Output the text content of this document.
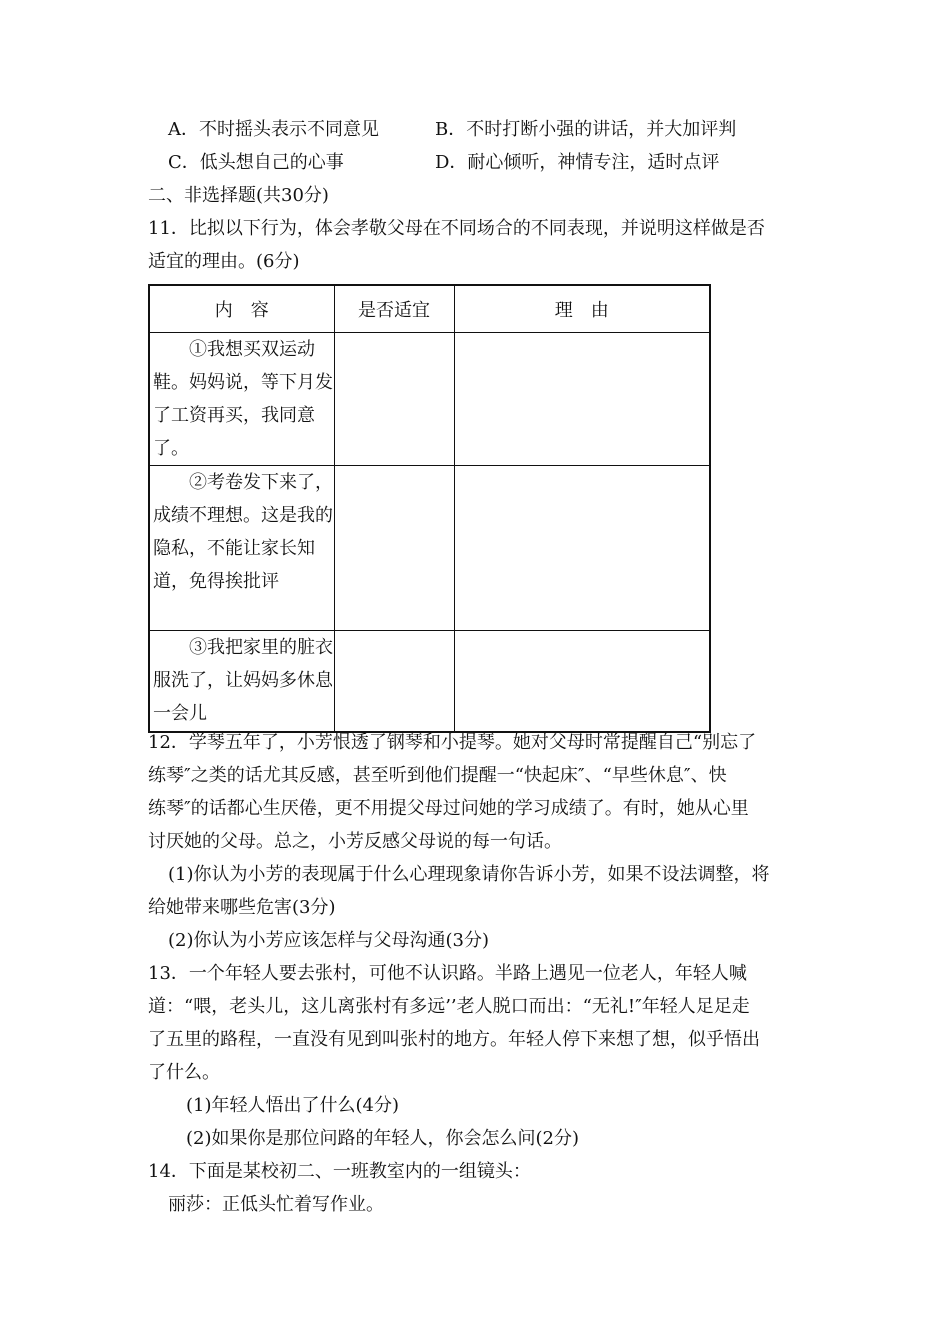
A．不时摇头表示不同意见	B．不时打断小强的讲话，并大加评判
C．低头想自己的心事	D．耐心倾听，神情专注，适时点评
二、非选择题(共30分)
11．比拟以下行为，体会孝敬父母在不同场合的不同表现，并说明这样做是否
适宜的理由。(6分)
内　容	是否适宜	理　由

①我想买双运动鞋。妈妈说，等下月发了工资再买，我同意了。		

②考卷发下来了，成绩不理想。这是我的隐私，不能让家长知道，免得挨批评		

③我把家里的脏衣服洗了，让妈妈多休息一会儿		

12．学琴五年了，小芳恨透了钢琴和小提琴。她对父母时常提醒自己“别忘了
练琴″之类的话尤其反感，甚至听到他们提醒一“快起床″、“早些休息″、快
练琴″的话都心生厌倦，更不用提父母过问她的学习成绩了。有时，她从心里
讨厌她的父母。总之，小芳反感父母说的每一句话。
(1)你认为小芳的表现属于什么心理现象请你告诉小芳，如果不设法调整，将
给她带来哪些危害(3分)
(2)你认为小芳应该怎样与父母沟通(3分)
13．一个年轻人要去张村，可他不认识路。半路上遇见一位老人，年轻人喊
道：“喂，老头儿，这儿离张村有多远’’老人脱口而出：“无礼!″年轻人足足走
了五里的路程，一直没有见到叫张村的地方。年轻人停下来想了想，似乎悟出
了什么。
(1)年轻人悟出了什么(4分)
(2)如果你是那位问路的年轻人，你会怎么问(2分)
14．下面是某校初二、一班教室内的一组镜头：
丽莎：正低头忙着写作业。
